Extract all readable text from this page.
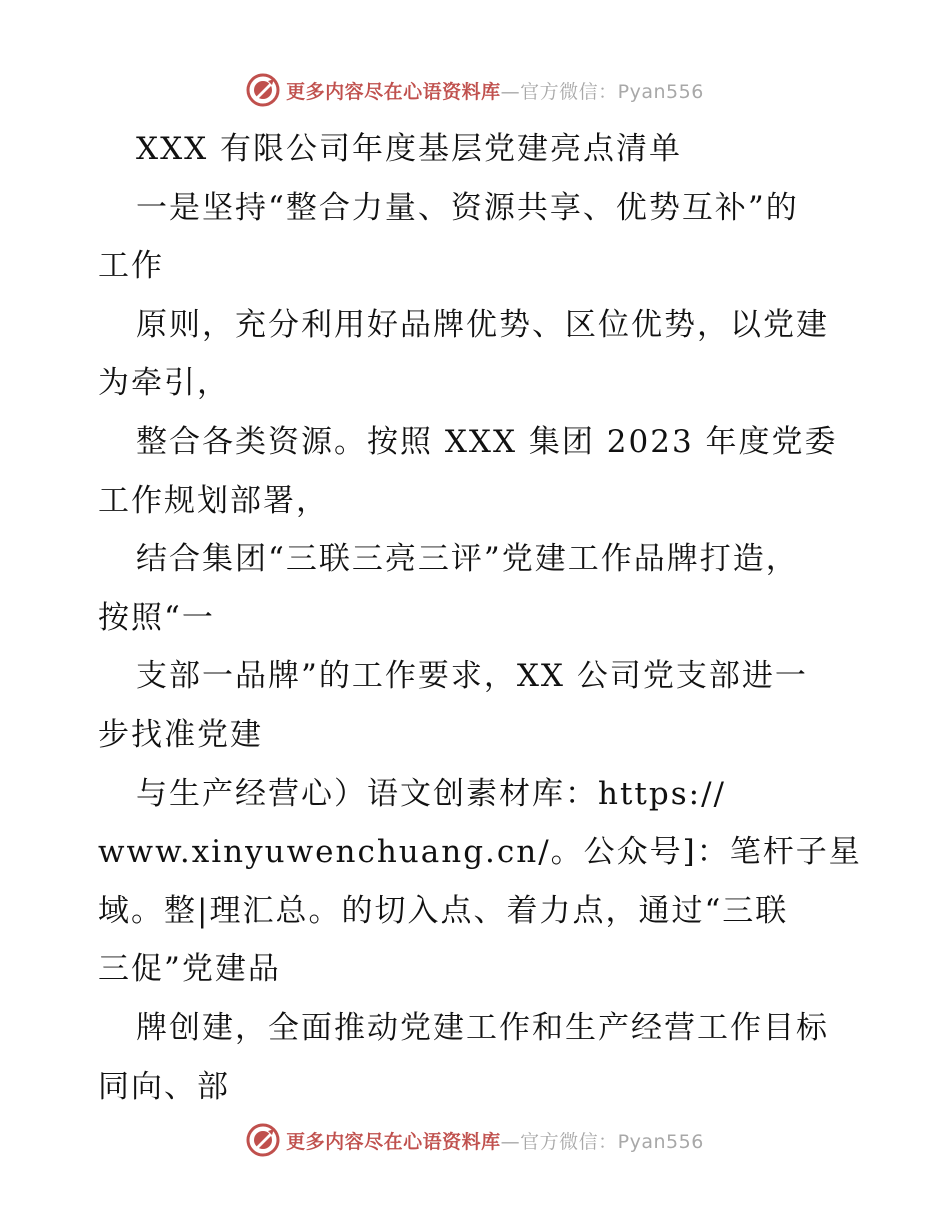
更多内容尽在心语资料库—官方微信：Pyan556
XXX 有限公司年度基层党建亮点清单
一是坚持“整合力量、资源共享、优势互补”的
工作
原则，充分利用好品牌优势、区位优势，以党建
为牵引，
整合各类资源。按照 XXX 集团 2023 年度党委
工作规划部署，
结合集团“三联三亮三评”党建工作品牌打造，
按照“一
支部一品牌”的工作要求，XX 公司党支部进一
步找准党建
与生产经营心）语文创素材库：https://
www.xinyuwenchuang.cn/。公众号]：笔杆子星
域。整|理汇总。的切入点、着力点，通过“三联
三促”党建品
牌创建，全面推动党建工作和生产经营工作目标
同向、部
更多内容尽在心语资料库—官方微信：Pyan556
